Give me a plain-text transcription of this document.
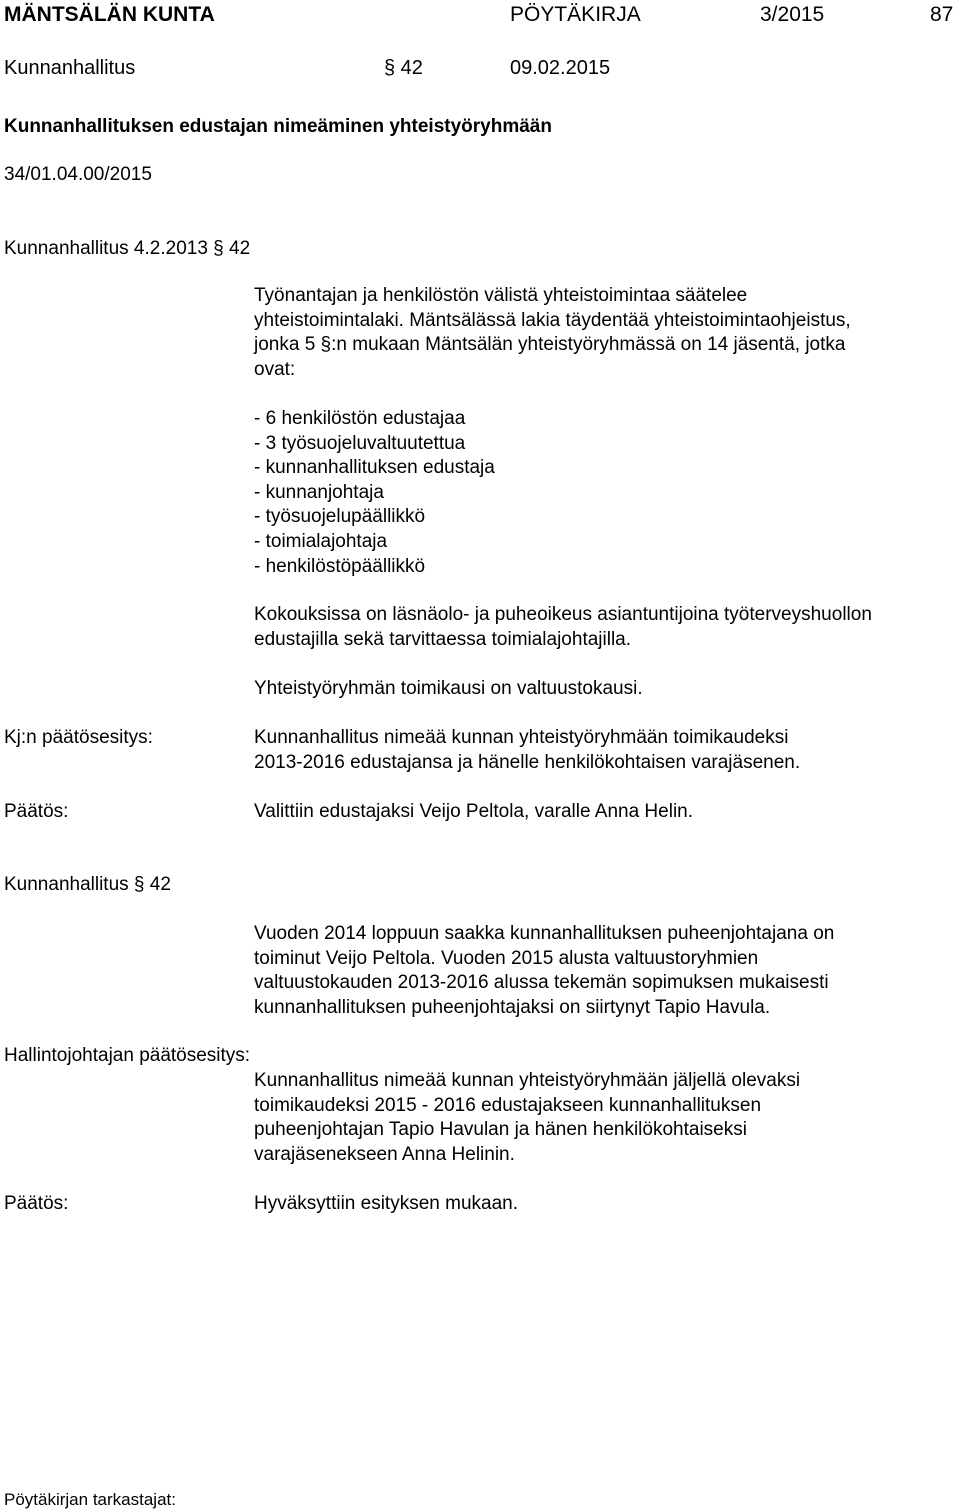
MÄNTSÄLÄN KUNTA	PÖYTÄKIRJA	3/2015	87
Kunnanhallitus	§ 42	09.02.2015
Kunnanhallituksen edustajan nimeäminen yhteistyöryhmään
34/01.04.00/2015
Kunnanhallitus 4.2.2013 § 42

Työnantajan ja henkilöstön välistä yhteistoimintaa säätelee

yhteistoimintalaki. Mäntsälässä lakia täydentää yhteistoimintaohjeistus,

jonka 5 §:n mukaan Mäntsälän yhteistyöryhmässä on 14 jäsentä, jotka

ovat:

- 6 henkilöstön edustajaa
- 3 työsuojeluvaltuutettua
- kunnanhallituksen edustaja
- kunnanjohtaja
- työsuojelupäällikkö
- toimialajohtaja
- henkilöstöpäällikkö

Kokouksissa on läsnäolo- ja puheoikeus asiantuntijoina työterveyshuollon

edustajilla sekä tarvittaessa toimialajohtajilla.

Yhteistyöryhmän toimikausi on valtuustokausi.
Kj:n päätösesitys:	Kunnanhallitus nimeää kunnan yhteistyöryhmään toimikaudeksi

2013-2016 edustajansa ja hänelle henkilökohtaisen varajäsenen.

Päätös:	Valittiin edustajaksi Veijo Peltola, varalle Anna Helin.
Kunnanhallitus § 42

Vuoden 2014 loppuun saakka kunnanhallituksen puheenjohtajana on

toiminut Veijo Peltola. Vuoden 2015 alusta valtuustoryhmien

valtuustokauden 2013-2016 alussa tekemän sopimuksen mukaisesti

kunnanhallituksen puheenjohtajaksi on siirtynyt Tapio Havula.

Hallintojohtajan päätösesitys:

Kunnanhallitus nimeää kunnan yhteistyöryhmään jäljellä olevaksi

toimikaudeksi 2015 - 2016 edustajakseen kunnanhallituksen

puheenjohtajan Tapio Havulan ja hänen henkilökohtaiseksi

varajäsenekseen Anna Helinin.

Päätös:	Hyväksyttiin esityksen mukaan.
Pöytäkirjan tarkastajat:
